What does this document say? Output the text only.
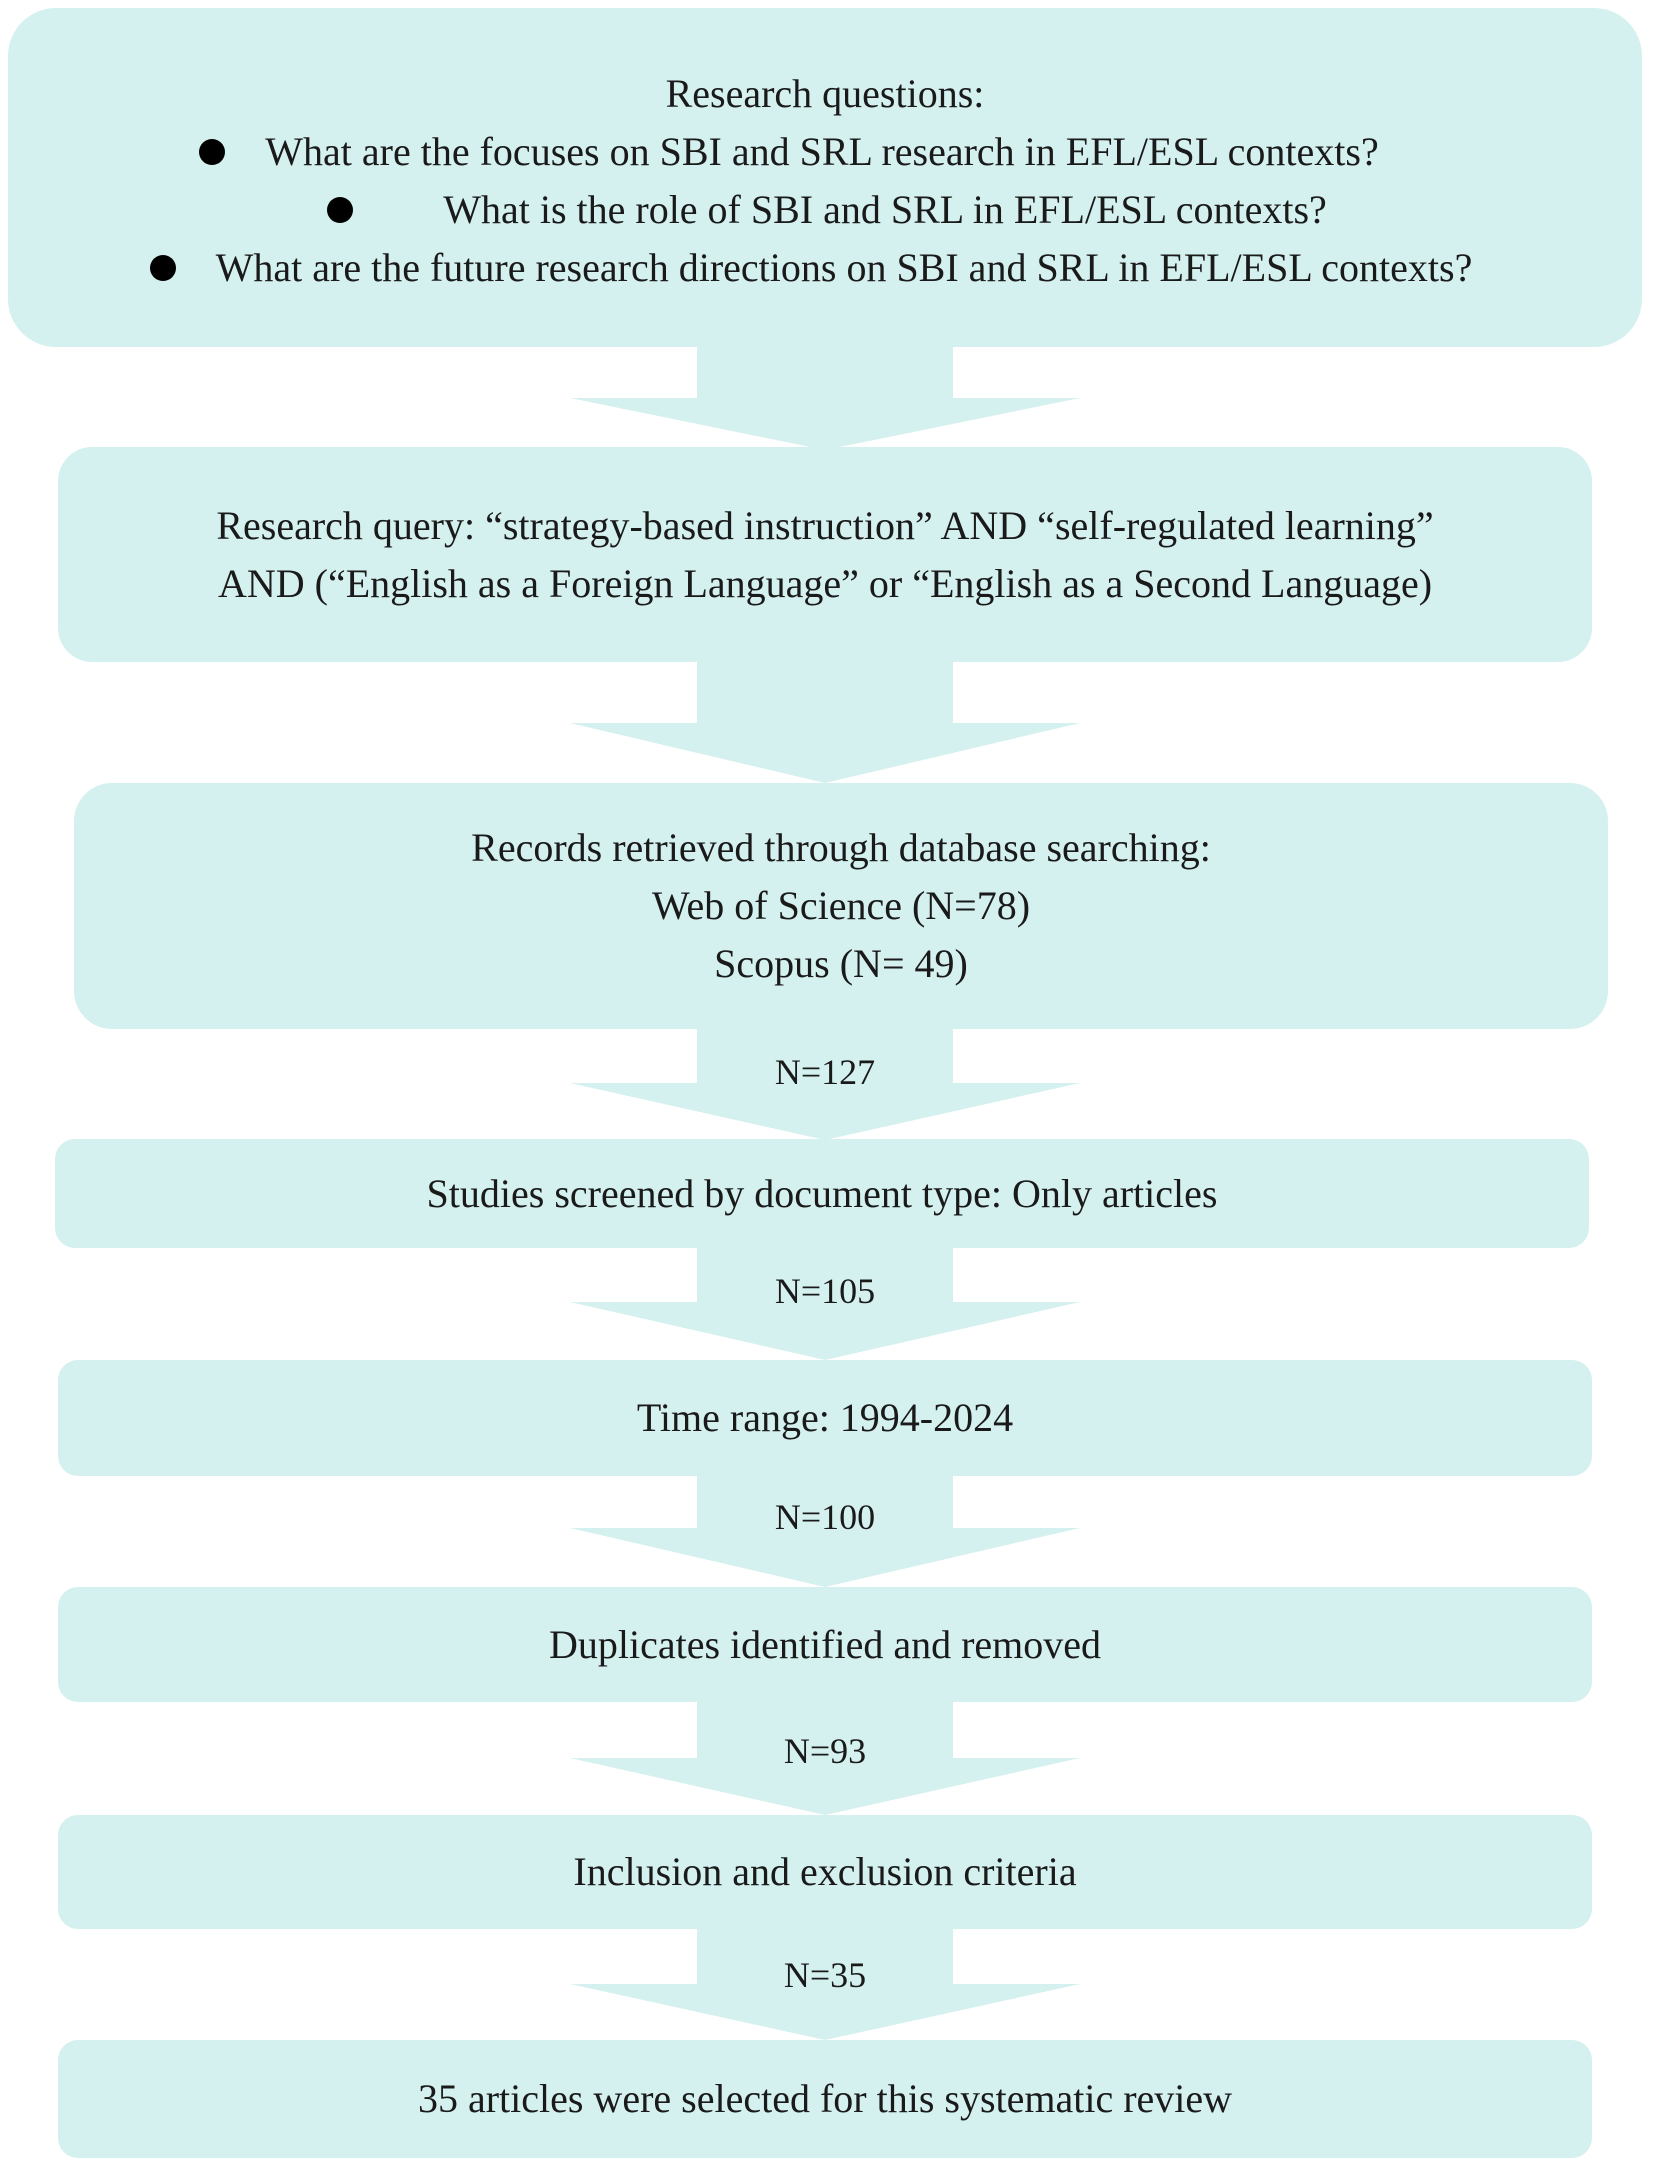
Research questions:
What are the focuses on SBI and SRL research in EFL/ESL contexts?
What is the role of SBI and SRL in EFL/ESL contexts?
What are the future research directions on SBI and SRL in EFL/ESL contexts?
Research query: “strategy-based instruction” AND “self-regulated learning”
AND (“English as a Foreign Language” or “English as a Second Language)
Records retrieved through database searching:
Web of Science (N=78)
Scopus (N= 49)
Studies screened by document type: Only articles
Time range: 1994-2024
Duplicates identified and removed
Inclusion and exclusion criteria
35 articles were selected for this systematic review
N=127
N=105
N=100
N=93
N=35
